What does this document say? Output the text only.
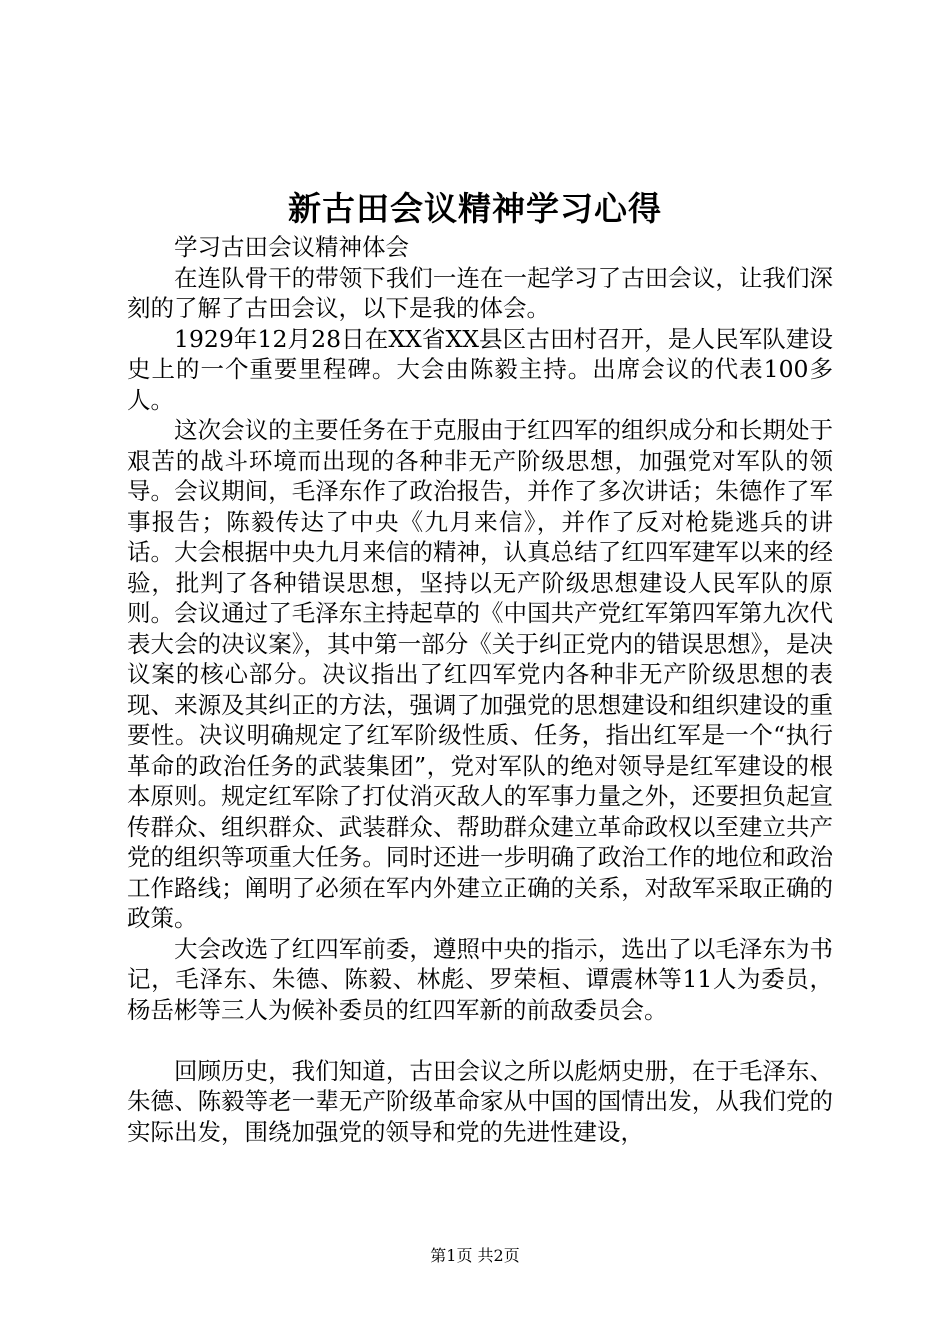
新古田会议精神学习心得

学习古田会议精神体会

在连队骨干的带领下我们一连在一起学习了古田会议，让我们深刻的了解了古田会议，以下是我的体会。

1929年12月28日在XX省XX县区古田村召开，是人民军队建设史上的一个重要里程碑。大会由陈毅主持。出席会议的代表100多人。

这次会议的主要任务在于克服由于红四军的组织成分和长期处于艰苦的战斗环境而出现的各种非无产阶级思想，加强党对军队的领导。会议期间，毛泽东作了政治报告，并作了多次讲话；朱德作了军事报告；陈毅传达了中央《九月来信》，并作了反对枪毙逃兵的讲话。大会根据中央九月来信的精神，认真总结了红四军建军以来的经验，批判了各种错误思想，坚持以无产阶级思想建设人民军队的原则。会议通过了毛泽东主持起草的《中国共产党红军第四军第九次代表大会的决议案》，其中第一部分《关于纠正党内的错误思想》，是决议案的核心部分。决议指出了红四军党内各种非无产阶级思想的表现、来源及其纠正的方法，强调了加强党的思想建设和组织建设的重要性。决议明确规定了红军阶级性质、任务，指出红军是一个“执行革命的政治任务的武装集团”，党对军队的绝对领导是红军建设的根本原则。规定红军除了打仗消灭敌人的军事力量之外，还要担负起宣传群众、组织群众、武装群众、帮助群众建立革命政权以至建立共产党的组织等项重大任务。同时还进一步明确了政治工作的地位和政治工作路线；阐明了必须在军内外建立正确的关系，对敌军采取正确的政策。

大会改选了红四军前委，遵照中央的指示，选出了以毛泽东为书记，毛泽东、朱德、陈毅、林彪、罗荣桓、谭震林等11人为委员，杨岳彬等三人为候补委员的红四军新的前敌委员会。

回顾历史，我们知道，古田会议之所以彪炳史册，在于毛泽东、朱德、陈毅等老一辈无产阶级革命家从中国的国情出发，从我们党的实际出发，围绕加强党的领导和党的先进性建设，

第1页 共2页
